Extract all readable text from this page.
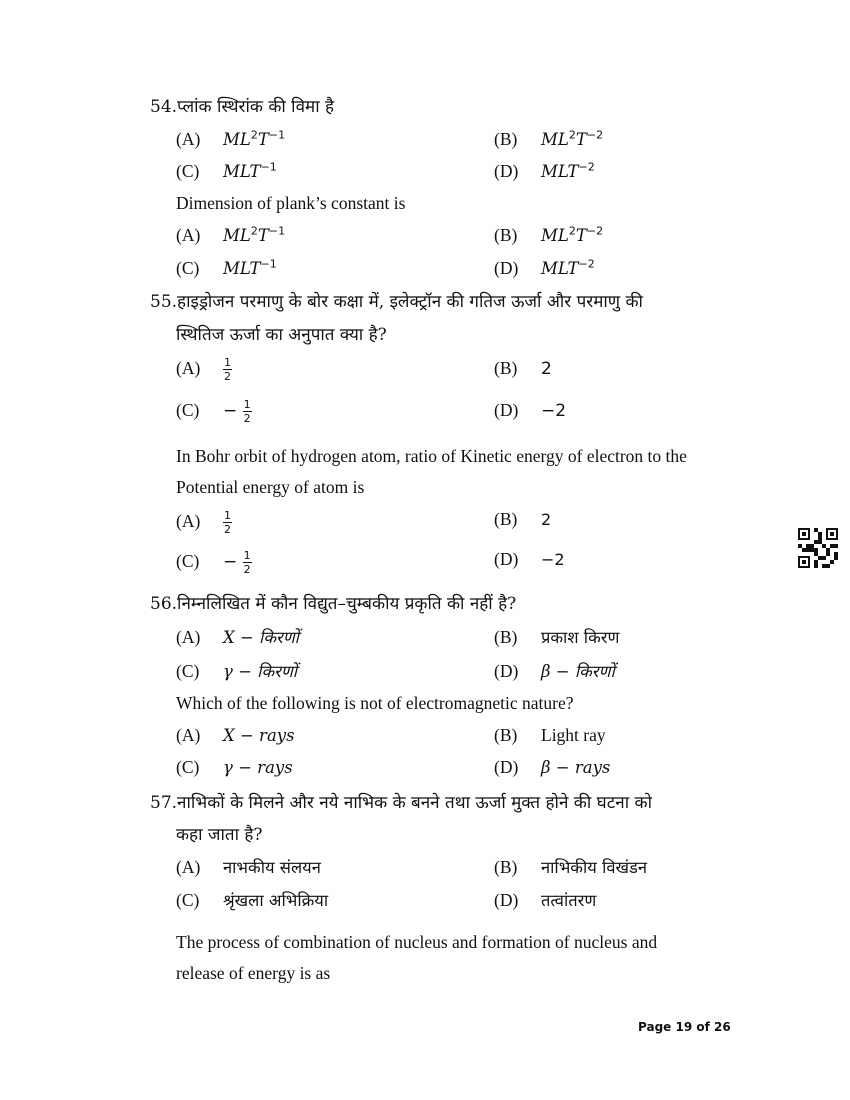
54.प्लांक स्थिरांक की विमा है
(A) $ML^2T^{-1}$	(B) $ML^2T^{-2}$
(C) $MLT^{-1}$	(D) $MLT^{-2}$
Dimension of plank’s constant is
(A) $ML^2T^{-1}$	(B) $ML^2T^{-2}$
(C) $MLT^{-1}$	(D) $MLT^{-2}$
55.हाइड्रोजन परमाणु के बोर कक्षा में, इलेक्ट्रॉन की गतिज ऊर्जा और परमाणु की
स्थितिज ऊर्जा का अनुपात क्या है?
$(A) \frac{1}{2}$	(B) 2
$(C) - \frac{1}{2}$	(D) −2
In Bohr orbit of hydrogen atom, ratio of Kinetic energy of electron to the
Potential energy of atom is
$(A) \frac{1}{2}$	(B) 2
$(C) - \frac{1}{2}$	(D) −2
56.निम्नलिखित में कौन विद्युत–चुम्बकीय प्रकृति की नहीं है?
(A) X − किरणों	(B) प्रकाश किरण
(C) γ − किरणों	(D) β − किरणों
Which of the following is not of electromagnetic nature?
(A) X − rays	(B) Light ray
(C) γ − rays	(D) β − rays
57.नाभिकों के मिलने और नये नाभिक के बनने तथा ऊर्जा मुक्त होने की घटना को
कहा जाता है?
(A) नाभकीय संलयन	(B) नाभिकीय विखंडन
(C) श्रृंखला अभिक्रिया	(D) तत्वांतरण
The process of combination of nucleus and formation of nucleus and
release of energy is as
Page 19 of 26
